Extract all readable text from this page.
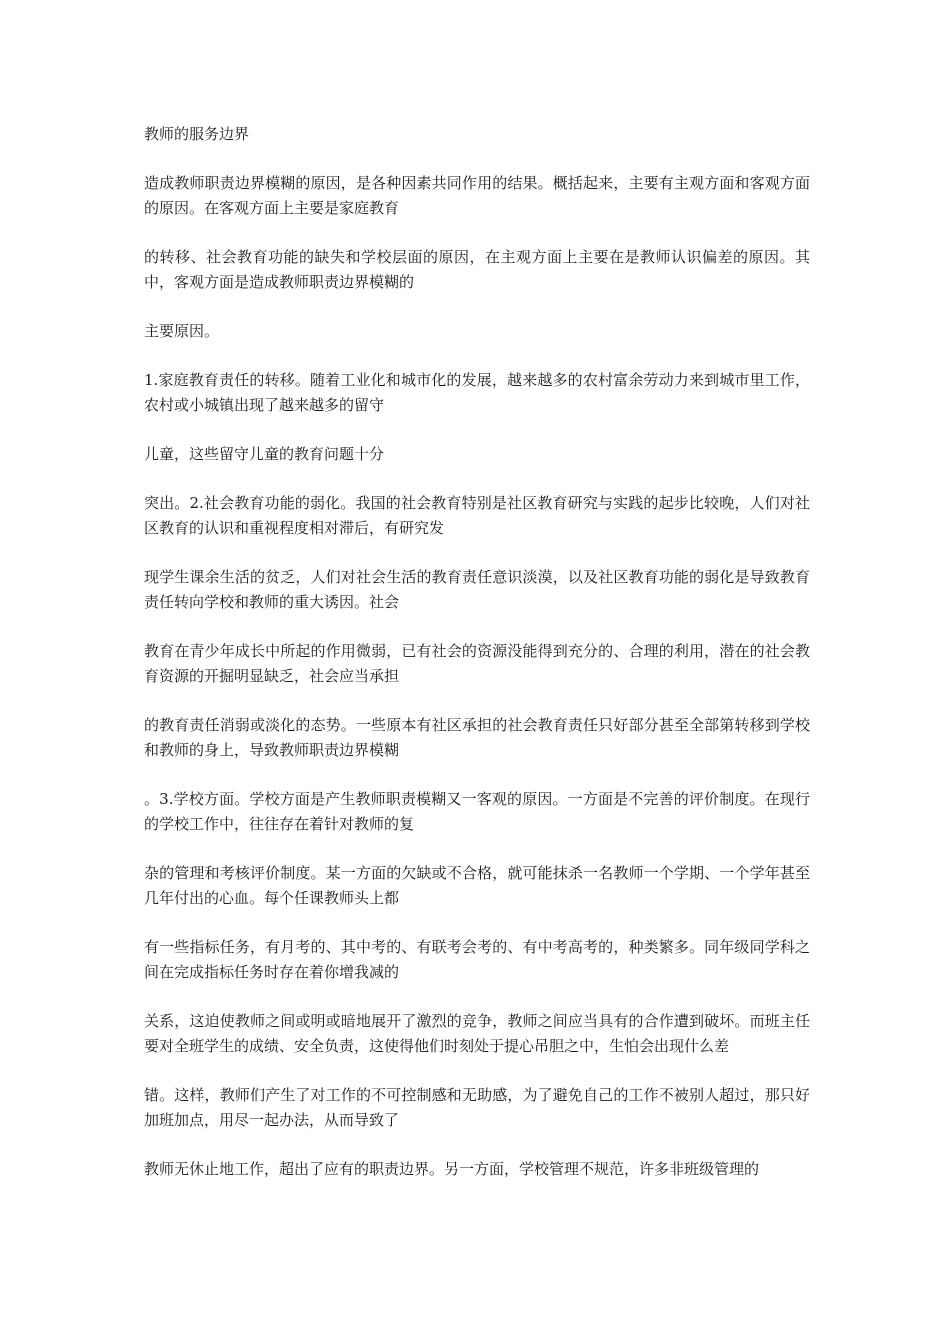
教师的服务边界

造成教师职责边界模糊的原因，是各种因素共同作用的结果。概括起来，主要有主观方面和客观方面的原因。在客观方面上主要是家庭教育

的转移、社会教育功能的缺失和学校层面的原因，在主观方面上主要在是教师认识偏差的原因。其中，客观方面是造成教师职责边界模糊的

主要原因。

1.家庭教育责任的转移。随着工业化和城市化的发展，越来越多的农村富余劳动力来到城市里工作，农村或小城镇出现了越来越多的留守

儿童，这些留守儿童的教育问题十分

突出。2.社会教育功能的弱化。我国的社会教育特别是社区教育研究与实践的起步比较晚，人们对社区教育的认识和重视程度相对滞后，有研究发

现学生课余生活的贫乏，人们对社会生活的教育责任意识淡漠，以及社区教育功能的弱化是导致教育责任转向学校和教师的重大诱因。社会

教育在青少年成长中所起的作用微弱，已有社会的资源没能得到充分的、合理的利用，潜在的社会教育资源的开掘明显缺乏，社会应当承担

的教育责任消弱或淡化的态势。一些原本有社区承担的社会教育责任只好部分甚至全部第转移到学校和教师的身上，导致教师职责边界模糊

。3.学校方面。学校方面是产生教师职责模糊又一客观的原因。一方面是不完善的评价制度。在现行的学校工作中，往往存在着针对教师的复

杂的管理和考核评价制度。某一方面的欠缺或不合格，就可能抹杀一名教师一个学期、一个学年甚至几年付出的心血。每个任课教师头上都

有一些指标任务，有月考的、其中考的、有联考会考的、有中考高考的，种类繁多。同年级同学科之间在完成指标任务时存在着你增我减的

关系，这迫使教师之间或明或暗地展开了激烈的竞争，教师之间应当具有的合作遭到破坏。而班主任要对全班学生的成绩、安全负责，这使得他们时刻处于提心吊胆之中，生怕会出现什么差

错。这样，教师们产生了对工作的不可控制感和无助感，为了避免自己的工作不被别人超过，那只好加班加点，用尽一起办法，从而导致了

教师无休止地工作，超出了应有的职责边界。另一方面，学校管理不规范，许多非班级管理的
